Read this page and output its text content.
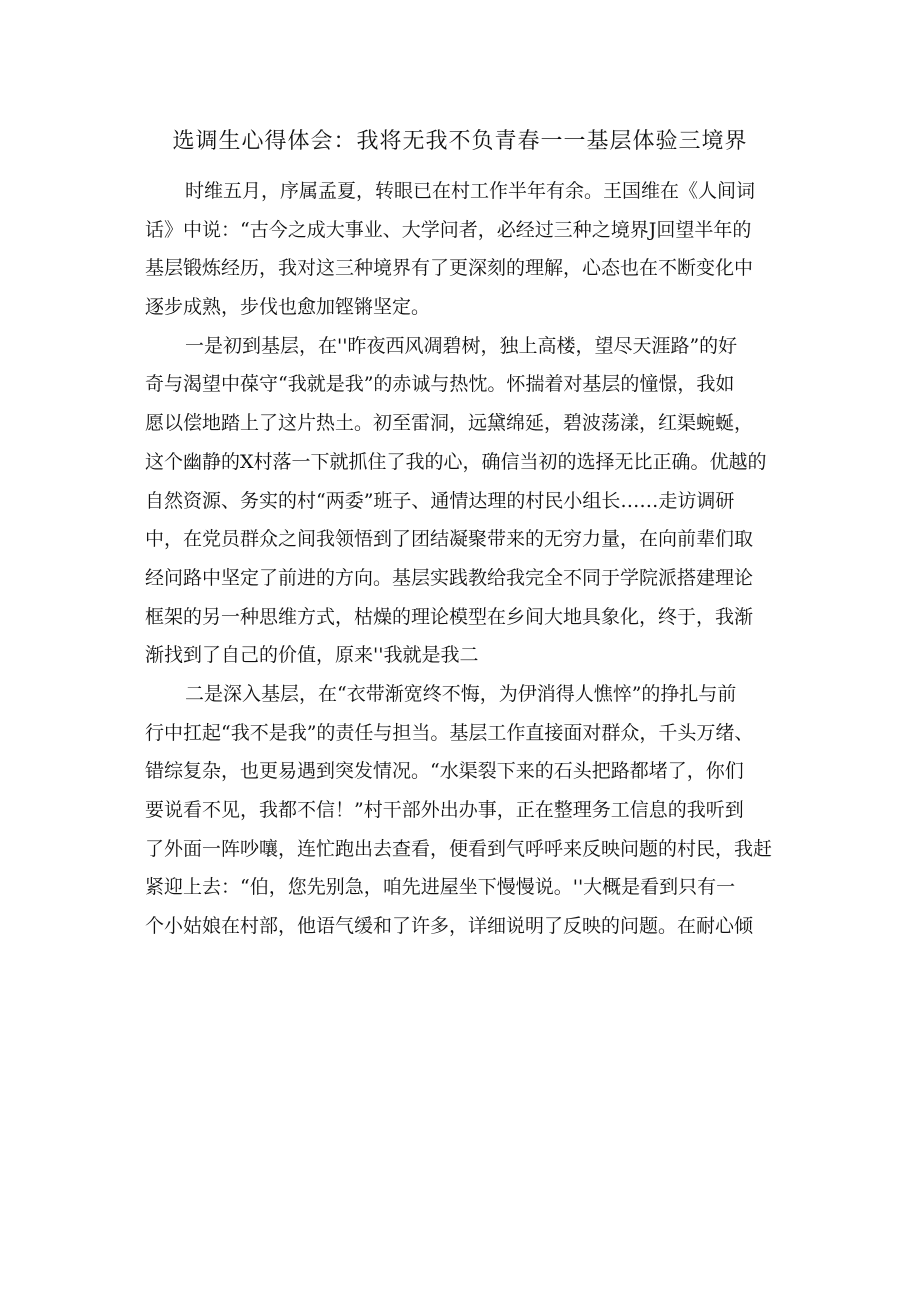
选调生心得体会：我将无我不负青春一一基层体验三境界
时维五月，序属孟夏，转眼已在村工作半年有余。王国维在《人间词
话》中说：“古今之成大事业、大学问者，必经过三种之境界J回望半年的
基层锻炼经历，我对这三种境界有了更深刻的理解，心态也在不断变化中
逐步成熟，步伐也愈加铿锵坚定。
一是初到基层，在''昨夜西风凋碧树，独上高楼，望尽天涯路”的好
奇与渴望中葆守“我就是我”的赤诚与热忱。怀揣着对基层的憧憬，我如
愿以偿地踏上了这片热土。初至雷洞，远黛绵延，碧波荡漾，红渠蜿蜒，
这个幽静的X村落一下就抓住了我的心，确信当初的选择无比正确。优越的
自然资源、务实的村“两委”班子、通情达理的村民小组长……走访调研
中，在党员群众之间我领悟到了团结凝聚带来的无穷力量，在向前辈们取
经问路中坚定了前进的方向。基层实践教给我完全不同于学院派搭建理论
框架的另一种思维方式，枯燥的理论模型在乡间大地具象化，终于，我渐
渐找到了自己的价值，原来''我就是我二
二是深入基层，在“衣带渐宽终不悔，为伊消得人憔悴”的挣扎与前
行中扛起“我不是我”的责任与担当。基层工作直接面对群众，千头万绪、
错综复杂，也更易遇到突发情况。“水渠裂下来的石头把路都堵了，你们
要说看不见，我都不信！”村干部外出办事，正在整理务工信息的我听到
了外面一阵吵嚷，连忙跑出去查看，便看到气呼呼来反映问题的村民，我赶
紧迎上去：“伯，您先别急，咱先进屋坐下慢慢说。''大概是看到只有一
个小姑娘在村部，他语气缓和了许多，详细说明了反映的问题。在耐心倾
